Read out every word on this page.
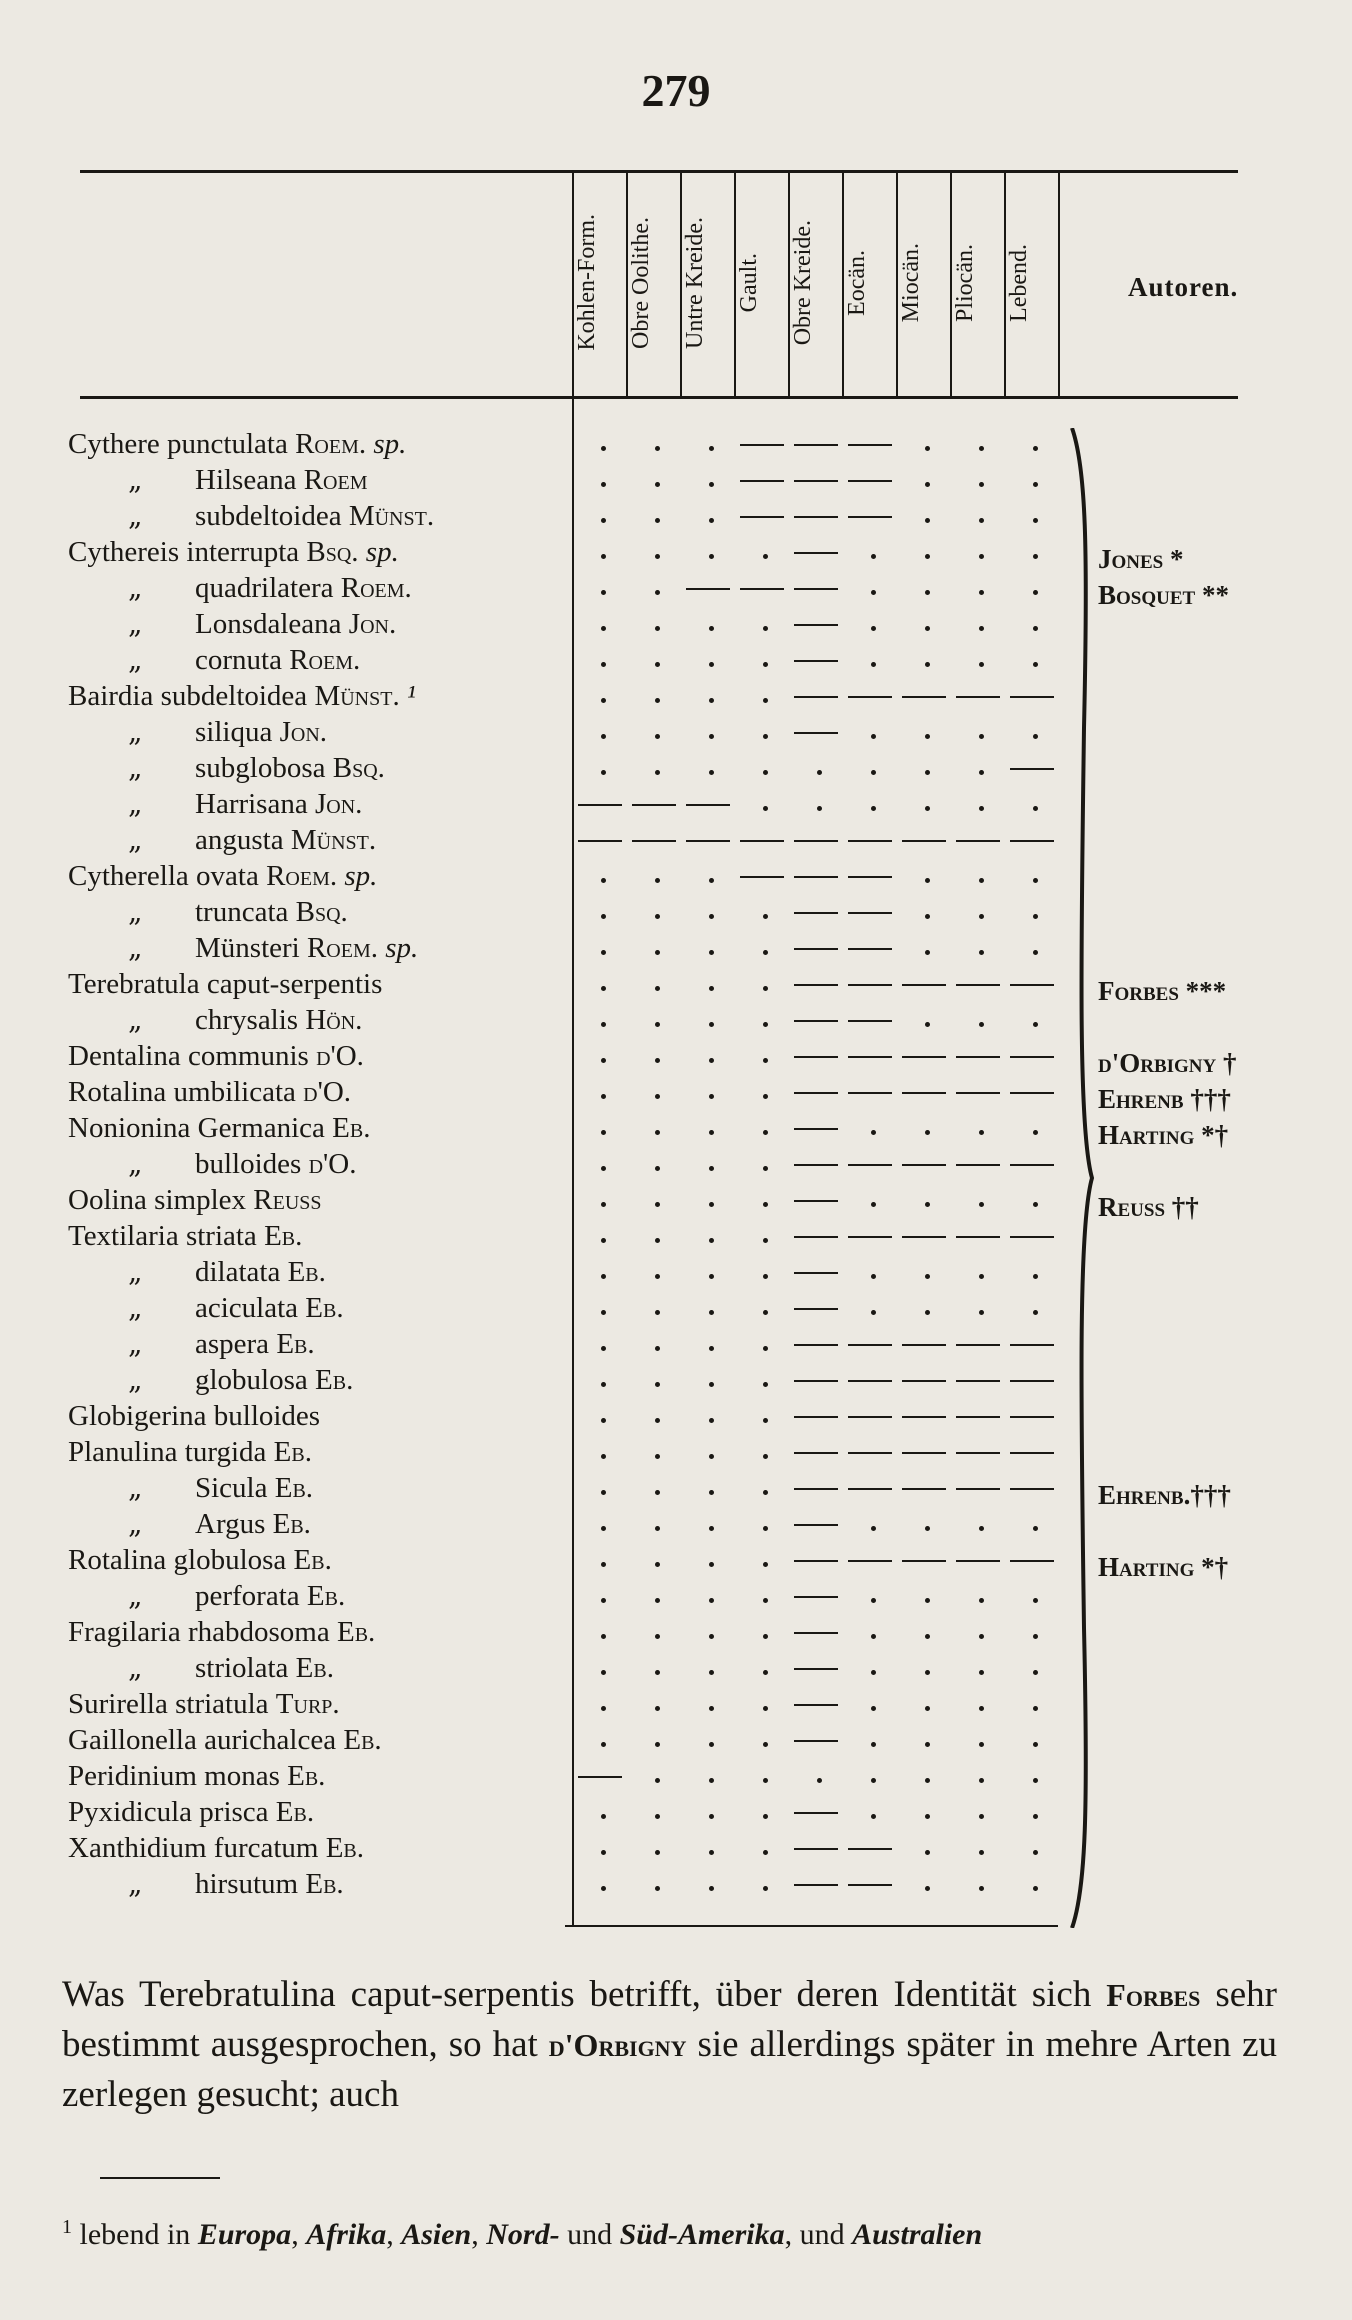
279
Kohlen-Form. Obre Oolithe. Untre Kreide. Gault. Obre Kreide. Eocän. Miocän. Pliocän. Lebend.	Autoren.
Cythere punctulata Roem. sp.
„ Hilseana Roem
„ subdeltoidea Münst.
Cythereis interrupta Bsq. sp.
„ quadrilatera Roem.
„ Lonsdaleana Jon.
„ cornuta Roem.
Bairdia subdeltoidea Münst. ¹
„ siliqua Jon.
„ subglobosa Bsq.
„ Harrisana Jon.
„ angusta Münst.
Cytherella ovata Roem. sp.
„ truncata Bsq.
„ Münsteri Roem. sp.
Terebratula caput-serpentis
„ chrysalis Hön.
Dentalina communis d'O.
Rotalina umbilicata d'O.
Nonionina Germanica Eb.
„ bulloides d'O.
Oolina simplex Reuss
Textilaria striata Eb.
„ dilatata Eb.
„ aciculata Eb.
„ aspera Eb.
„ globulosa Eb.
Globigerina bulloides
Planulina turgida Eb.
„ Sicula Eb.
„ Argus Eb.
Rotalina globulosa Eb.
„ perforata Eb.
Fragilaria rhabdosoma Eb.
„ striolata Eb.
Surirella striatula Turp.
Gaillonella aurichalcea Eb.
Peridinium monas Eb.
Pyxidicula prisca Eb.
Xanthidium furcatum Eb.
„ hirsutum Eb.
Jones *
Bosquet **
Forbes ***
d'Orbigny †
Ehrenb †††
Harting *†
Reuss ††
Ehrenb.†††
Harting *†
Was Terebratulina caput-serpentis betrifft, über deren Identität sich Forbes sehr bestimmt ausgesprochen, so hat d'Orbigny sie allerdings später in mehre Arten zu zerlegen gesucht; auch
$^1$ lebend in Europa, Afrika, Asien, Nord- und Süd-Amerika, und Australien
